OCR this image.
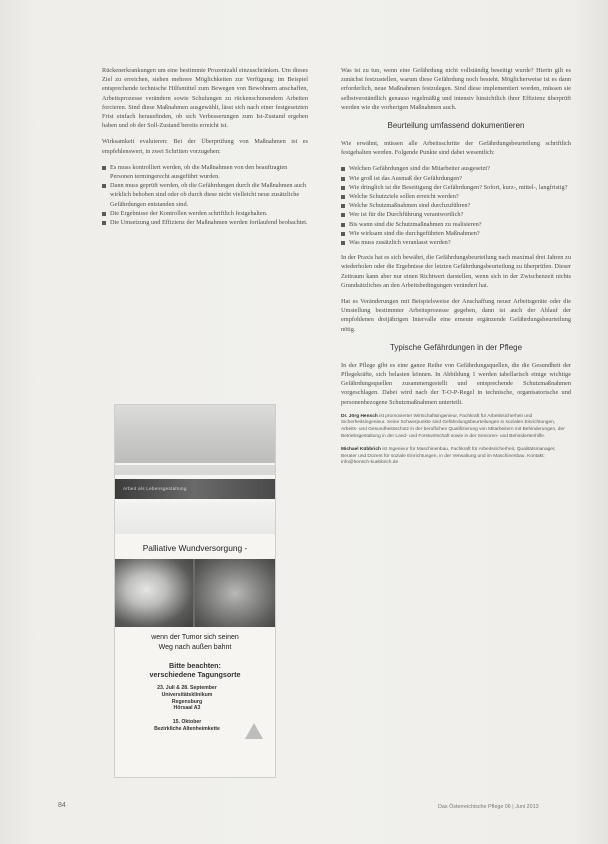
Rückenerkrankungen um eine bestimmte Prozentzahl einzuschränken. Um dieses Ziel zu erreichen, stehen mehrere Möglichkeiten zur Verfügung: im Beispiel entsprechende technische Hilfsmittel zum Bewegen von Bewohnern anschaffen, Arbeitsprozesse verändern sowie Schulungen zu rückenschonendem Arbeiten forcieren. Sind diese Maßnahmen ausgewählt, lässt sich nach einer festgesetzten Frist einfach herausfinden, ob sich Verbesserungen zum Ist-Zustand ergeben haben und ob der Soll-Zustand bereits erreicht ist.

Wirksamkeit evaluieren: Bei der Überprüfung von Maßnahmen ist es empfehlenswert, in zwei Schritten vorzugehen:

Es muss kontrolliert werden, ob die Maßnahmen von den beauftragten Personen termingerecht ausgeführt wurden.
Dann muss geprüft werden, ob die Gefährdungen durch die Maßnahmen auch wirklich behoben sind oder ob durch diese nicht vielleicht neue zusätzliche Gefährdungen entstanden sind.
Die Ergebnisse der Kontrollen werden schriftlich festgehalten.
Die Umsetzung und Effizienz der Maßnahmen werden fortlaufend beobachtet.

Was ist zu tun, wenn eine Gefährdung nicht vollständig beseitigt wurde? Hierin gilt es zunächst festzustellen, warum diese Gefährdung noch besteht. Möglicherweise ist es dann erforderlich, neue Maßnahmen festzulegen. Sind diese implementiert worden, müssen sie selbstverständlich genauso regelmäßig und intensiv hinsichtlich ihrer Effizienz überprüft werden wie die vorherigen Maßnahmen auch.

Beurteilung umfassend dokumentieren

Wie erwähnt, müssen alle Arbeitsschritte der Gefährdungsbeurteilung schriftlich festgehalten werden. Folgende Punkte sind dabei wesentlich:

Welchen Gefährdungen sind die Mitarbeiter ausgesetzt?
Wie groß ist das Ausmaß der Gefährdungen?
Wie dringlich ist die Beseitigung der Gefährdungen? Sofort, kurz-, mittel-, langfristig?
Welche Schutzziele sollen erreicht werden?
Welche Schutzmaßnahmen sind durchzuführen?
Wer ist für die Durchführung verantwortlich?
Bis wann sind die Schutzmaßnahmen zu realisieren?
Wie wirksam sind die durchgeführten Maßnahmen?
Was muss zusätzlich veranlasst werden?

In der Praxis hat es sich bewährt, die Gefährdungsbeurteilung nach maximal drei Jahren zu wiederholen oder die Ergebnisse der letzten Gefährdungsbeurteilung zu überprüfen. Dieser Zeitraum kann aber nur einen Richtwert darstellen, wenn sich in der Zwischenzeit nichts Grundsätzliches an den Arbeitsbedingungen verändert hat.

Hat es Veränderungen mit Beispielsweise der Anschaffung neuer Arbeitsgeräte oder die Umstellung bestimmter Arbeitsprozesse gegeben, dann ist auch der Ablauf der empfohlenen dreijährigen Intervalle eine erneute ergänzende Gefährdungsbeurteilung nötig.

Typische Gefährdungen in der Pflege

In der Pflege gibt es eine ganze Reihe von Gefährdungsquellen, die die Gesundheit der Pflegekräfte, sich belasten können. In Abbildung 1 werden tabellarisch einige wichtige Gefährdungsquellen zusammengestellt und entsprechende Schutzmaßnahmen vorgeschlagen. Dabei wird nach der T-O-P-Regel in technische, organisatorische und personenbezogene Schutzmaßnahmen unterteilt.

Dr. Jörg Hensch ist promovierter Wirtschaftsingenieur, Fachkraft für Arbeitssicherheit und Sicherheitsingenieur. Seine Schwerpunkte sind Gefährdungsbeurteilungen in sozialen Einrichtungen, Arbeits- und Gesundheitsschutz in der beruflichen Qualifizierung von Mitarbeitern mit Behinderungen, der Betriebsgestaltung in der Land- und Forstwirtschaft sowie in der Senioren- und Behindertenhilfe.
Michael Kübbrich ist Ingenieur für Maschinenbau, Fachkraft für Arbeitssicherheit, Qualitätsmanager, Berater und Dozent für soziale Einrichtungen, in der Verwaltung und im Maschinenbau. Kontakt: info@hensch-kuebbrich.de
Arbeit als Lebensgestaltung
Palliative Wundversorgung -
wenn der Tumor sich seinen
Weg nach außen bahnt
Bitte beachten:
verschiedene Tagungsorte
23. Juli & 28. September
Universitätsklinikum
Regensburg
Hörsaal A3

15. Oktober
Bezirkliche Altenheimkette
84	Das Österreichische Pflege 06 | Juni 2013
